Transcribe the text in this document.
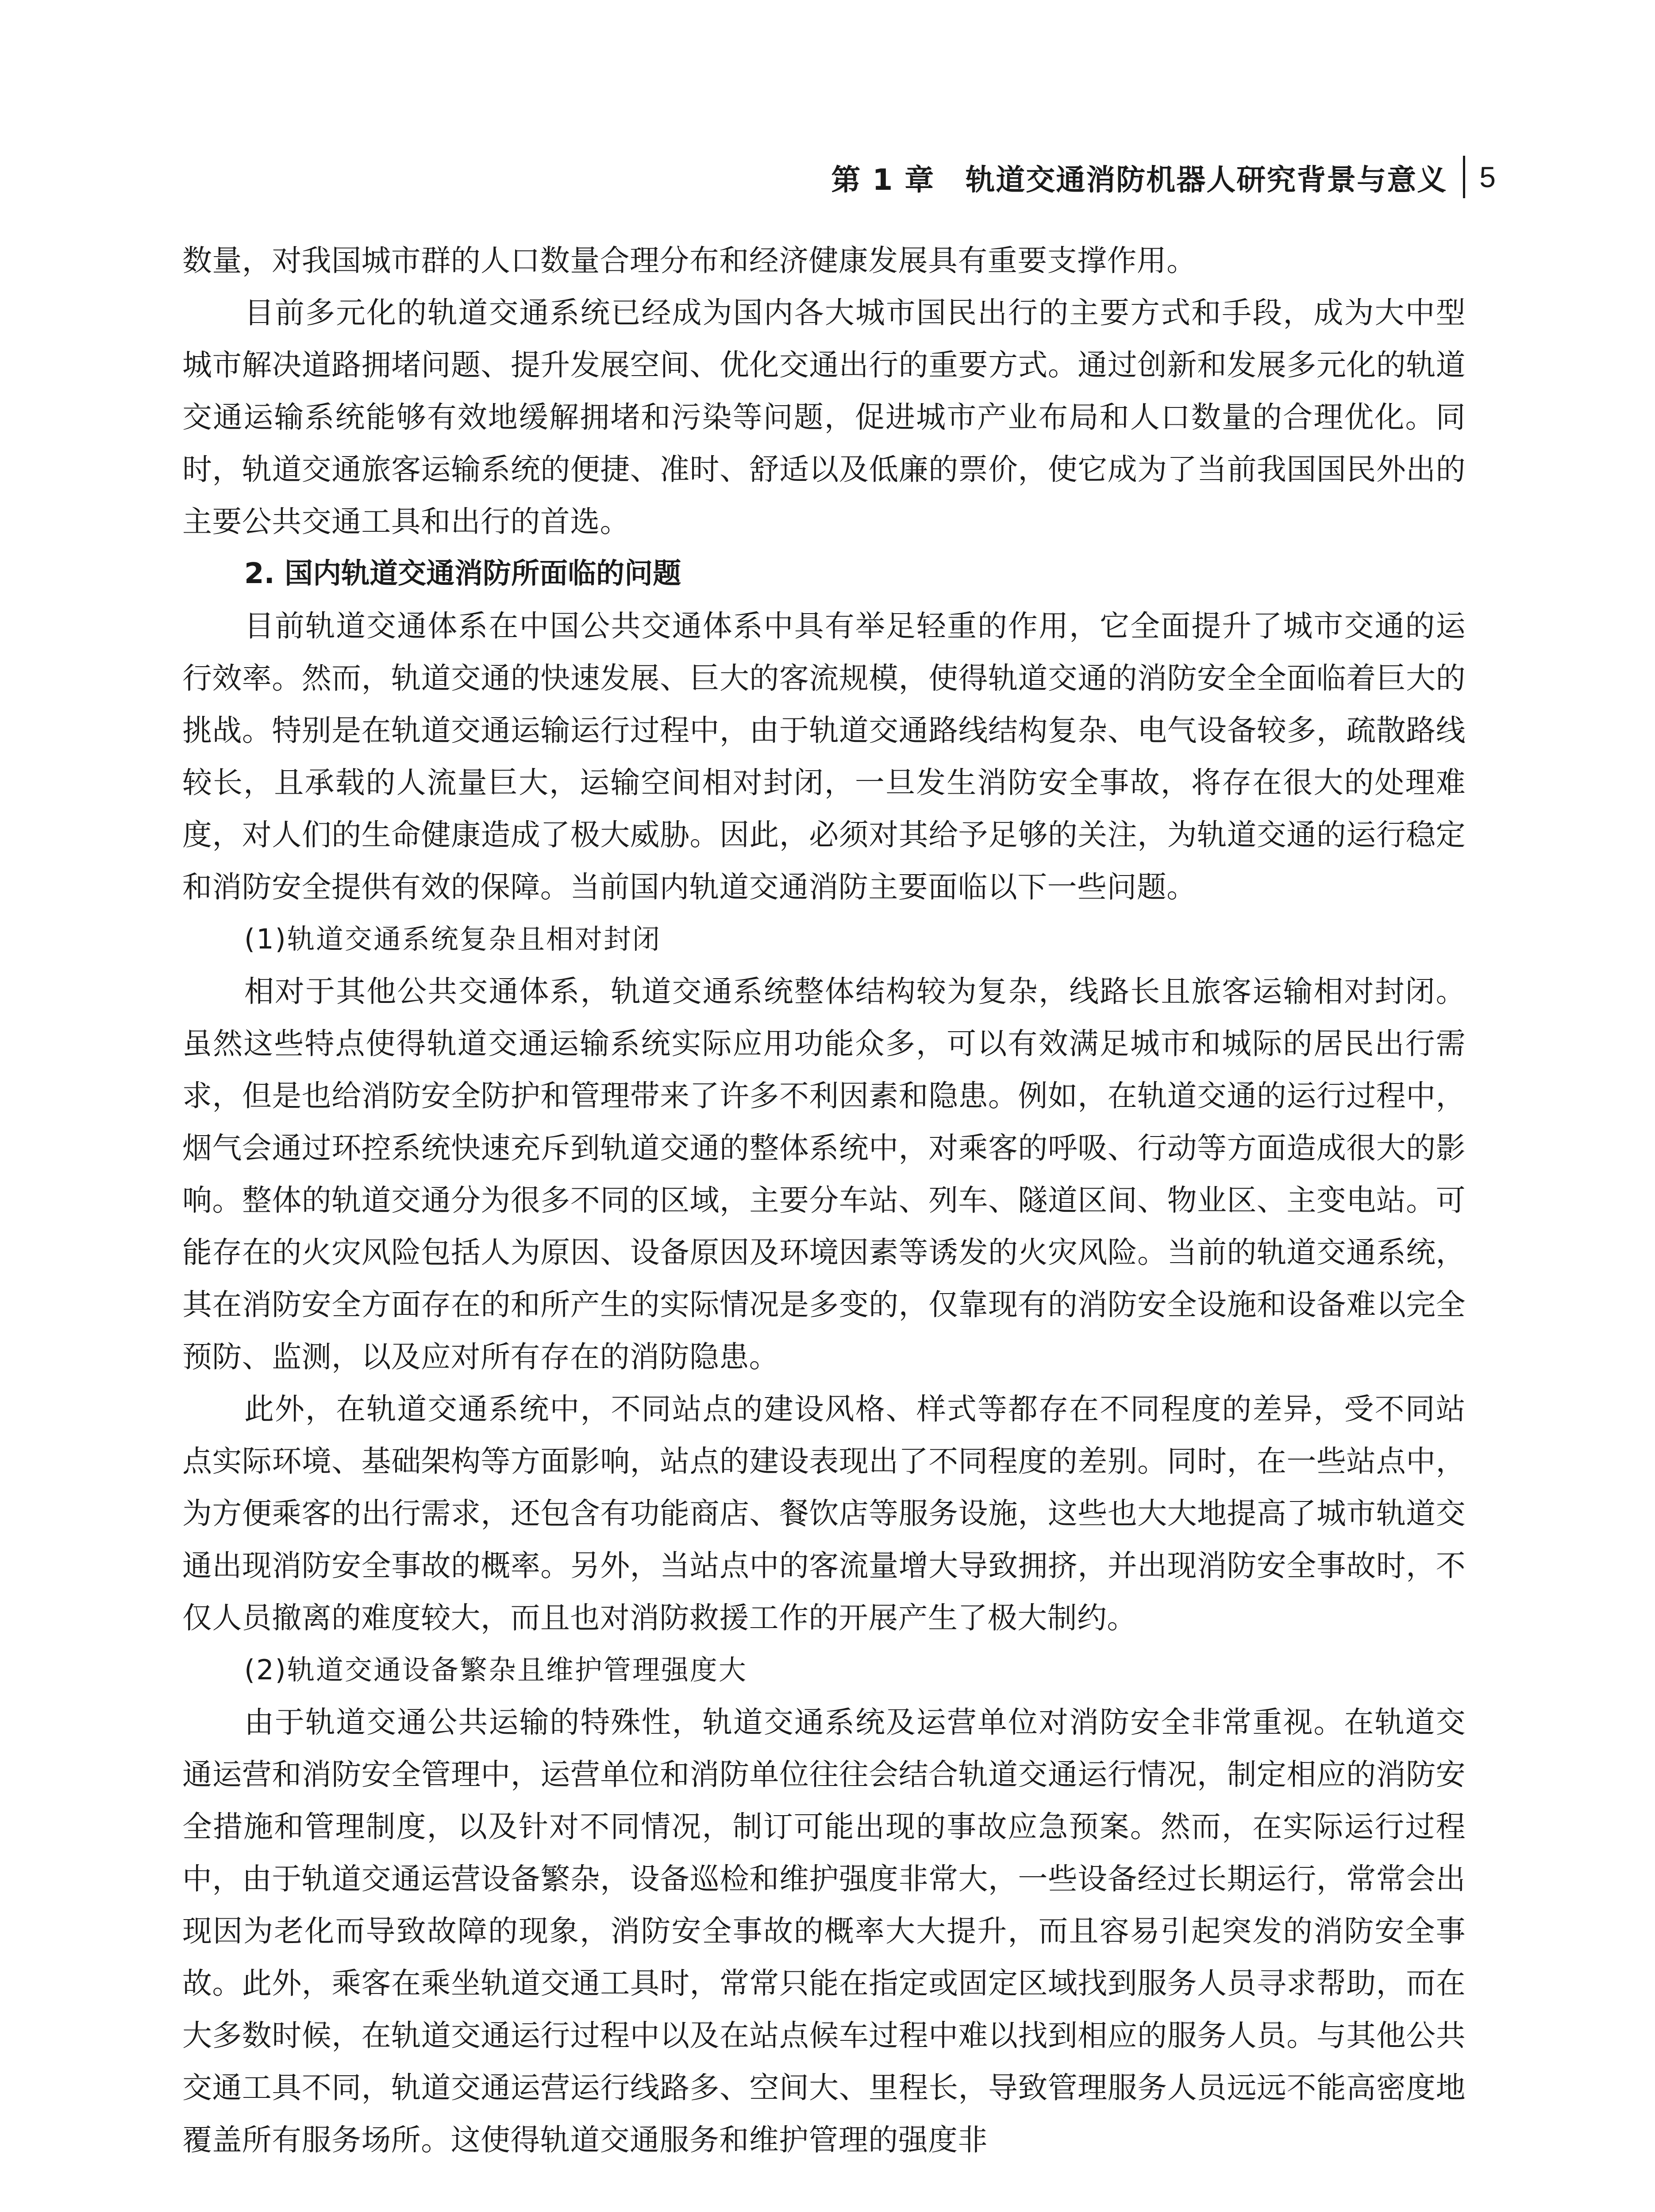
第 1 章 轨道交通消防机器人研究背景与意义 5

数量，对我国城市群的人口数量合理分布和经济健康发展具有重要支撑作用。

目前多元化的轨道交通系统已经成为国内各大城市国民出行的主要方式和手段，成为大中型城市解决道路拥堵问题、提升发展空间、优化交通出行的重要方式。通过创新和发展多元化的轨道交通运输系统能够有效地缓解拥堵和污染等问题，促进城市产业布局和人口数量的合理优化。同时，轨道交通旅客运输系统的便捷、准时、舒适以及低廉的票价，使它成为了当前我国国民外出的主要公共交通工具和出行的首选。

2. 国内轨道交通消防所面临的问题

目前轨道交通体系在中国公共交通体系中具有举足轻重的作用，它全面提升了城市交通的运行效率。然而，轨道交通的快速发展、巨大的客流规模，使得轨道交通的消防安全全面临着巨大的挑战。特别是在轨道交通运输运行过程中，由于轨道交通路线结构复杂、电气设备较多，疏散路线较长，且承载的人流量巨大，运输空间相对封闭，一旦发生消防安全事故，将存在很大的处理难度，对人们的生命健康造成了极大威胁。因此，必须对其给予足够的关注，为轨道交通的运行稳定和消防安全提供有效的保障。当前国内轨道交通消防主要面临以下一些问题。

(1)轨道交通系统复杂且相对封闭

相对于其他公共交通体系，轨道交通系统整体结构较为复杂，线路长且旅客运输相对封闭。虽然这些特点使得轨道交通运输系统实际应用功能众多，可以有效满足城市和城际的居民出行需求，但是也给消防安全防护和管理带来了许多不利因素和隐患。例如，在轨道交通的运行过程中，烟气会通过环控系统快速充斥到轨道交通的整体系统中，对乘客的呼吸、行动等方面造成很大的影响。整体的轨道交通分为很多不同的区域，主要分车站、列车、隧道区间、物业区、主变电站。可能存在的火灾风险包括人为原因、设备原因及环境因素等诱发的火灾风险。当前的轨道交通系统，其在消防安全方面存在的和所产生的实际情况是多变的，仅靠现有的消防安全设施和设备难以完全预防、监测，以及应对所有存在的消防隐患。

此外，在轨道交通系统中，不同站点的建设风格、样式等都存在不同程度的差异，受不同站点实际环境、基础架构等方面影响，站点的建设表现出了不同程度的差别。同时，在一些站点中，为方便乘客的出行需求，还包含有功能商店、餐饮店等服务设施，这些也大大地提高了城市轨道交通出现消防安全事故的概率。另外，当站点中的客流量增大导致拥挤，并出现消防安全事故时，不仅人员撤离的难度较大，而且也对消防救援工作的开展产生了极大制约。

(2)轨道交通设备繁杂且维护管理强度大

由于轨道交通公共运输的特殊性，轨道交通系统及运营单位对消防安全非常重视。在轨道交通运营和消防安全管理中，运营单位和消防单位往往会结合轨道交通运行情况，制定相应的消防安全措施和管理制度，以及针对不同情况，制订可能出现的事故应急预案。然而，在实际运行过程中，由于轨道交通运营设备繁杂，设备巡检和维护强度非常大，一些设备经过长期运行，常常会出现因为老化而导致故障的现象，消防安全事故的概率大大提升，而且容易引起突发的消防安全事故。此外，乘客在乘坐轨道交通工具时，常常只能在指定或固定区域找到服务人员寻求帮助，而在大多数时候，在轨道交通运行过程中以及在站点候车过程中难以找到相应的服务人员。与其他公共交通工具不同，轨道交通运营运行线路多、空间大、里程长，导致管理服务人员远远不能高密度地覆盖所有服务场所。这使得轨道交通服务和维护管理的强度非
